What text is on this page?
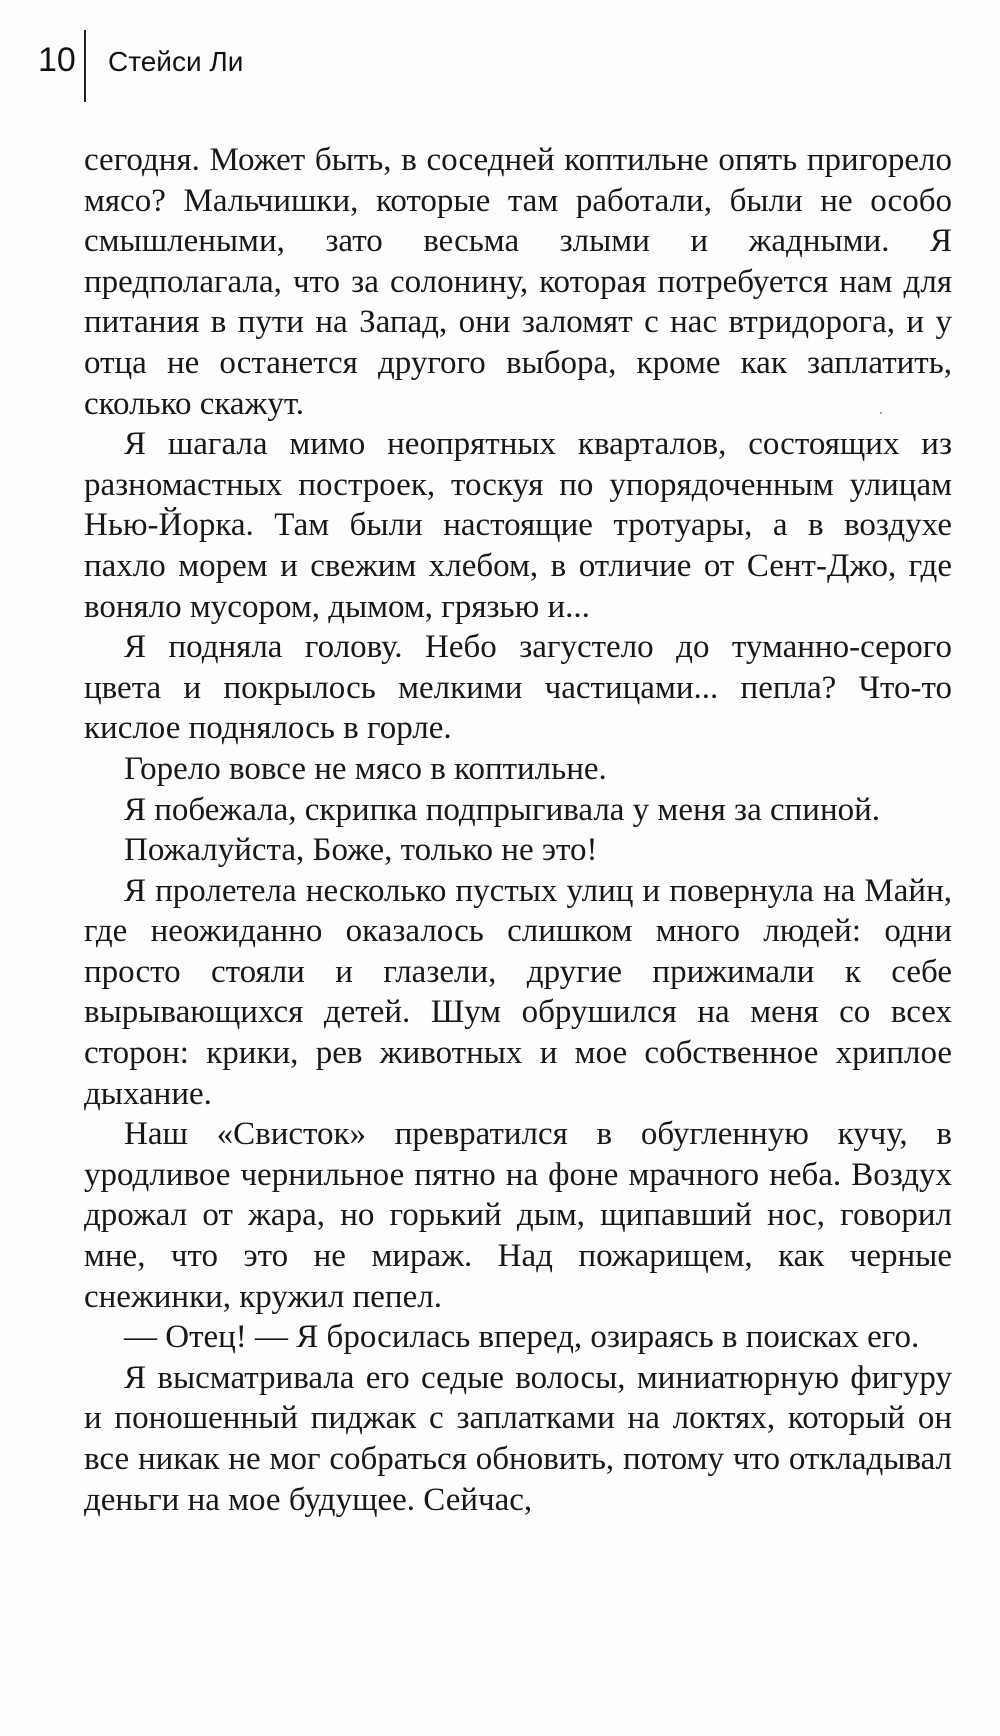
10 Стейси Ли

сегодня. Может быть, в соседней коптильне опять пригорело мясо? Мальчишки, которые там работали, были не особо смышлеными, зато весьма злыми и жадными. Я предполагала, что за солонину, которая потребуется нам для питания в пути на Запад, они заломят с нас втридорога, и у отца не останется другого выбора, кроме как заплатить, сколько скажут.

Я шагала мимо неопрятных кварталов, состоящих из разномастных построек, тоскуя по упорядоченным улицам Нью-Йорка. Там были настоящие тротуары, а в воздухе пахло морем и свежим хлебом, в отличие от Сент-Джо, где воняло мусором, дымом, грязью и...

Я подняла голову. Небо загустело до туманно-серого цвета и покрылось мелкими частицами... пепла? Что-то кислое поднялось в горле.

Горело вовсе не мясо в коптильне.

Я побежала, скрипка подпрыгивала у меня за спиной.

Пожалуйста, Боже, только не это!

Я пролетела несколько пустых улиц и повернула на Майн, где неожиданно оказалось слишком много людей: одни просто стояли и глазели, другие прижимали к себе вырывающихся детей. Шум обрушился на меня со всех сторон: крики, рев животных и мое собственное хриплое дыхание.

Наш «Свисток» превратился в обугленную кучу, в уродливое чернильное пятно на фоне мрачного неба. Воздух дрожал от жара, но горький дым, щипавший нос, говорил мне, что это не мираж. Над пожарищем, как черные снежинки, кружил пепел.

— Отец! — Я бросилась вперед, озираясь в поисках его.

Я высматривала его седые волосы, миниатюрную фигуру и поношенный пиджак с заплатками на локтях, который он все никак не мог собраться обновить, потому что откладывал деньги на мое будущее. Сейчас,
